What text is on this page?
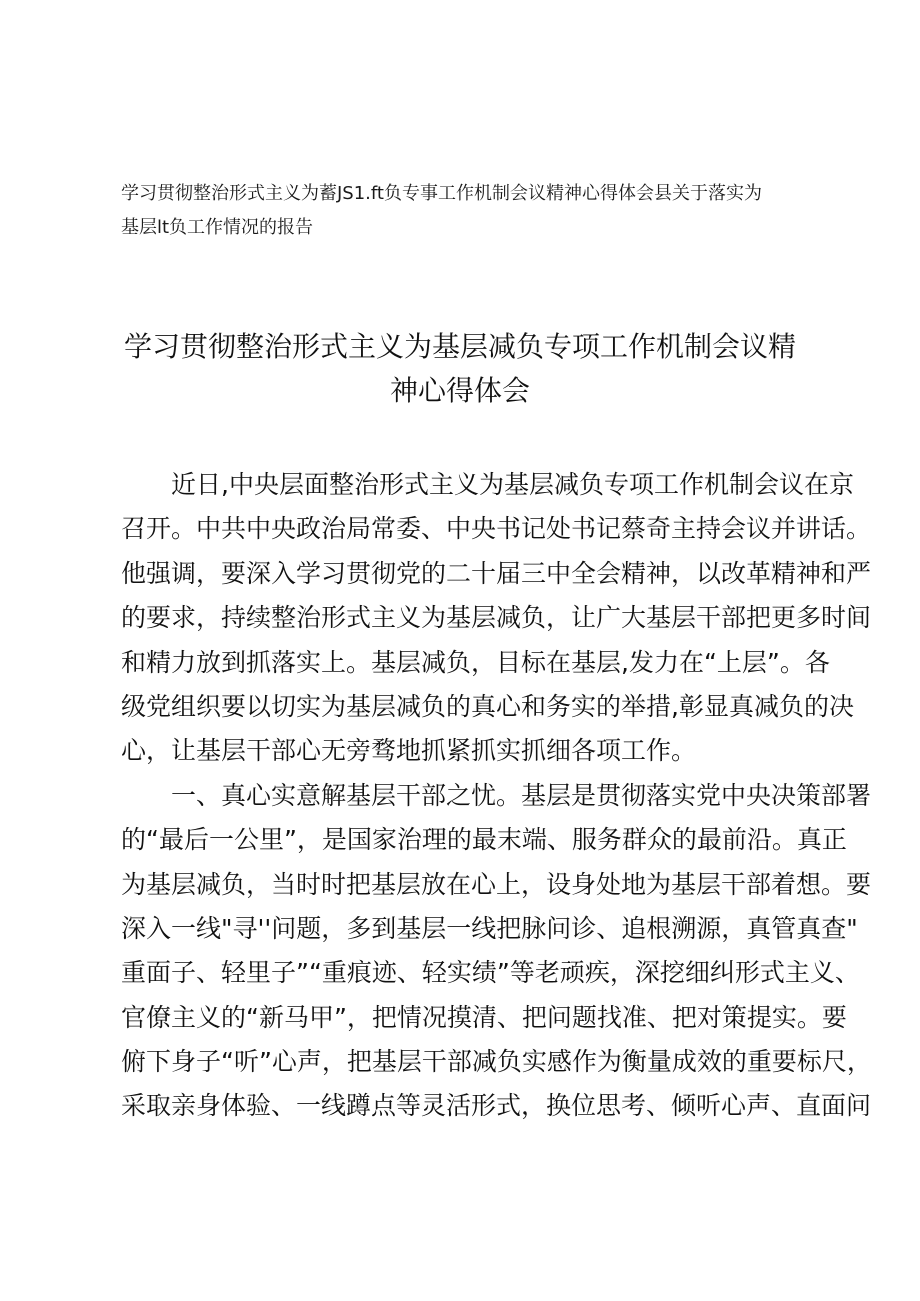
学习贯彻整治形式主义为蓄JS1.ft负专事工作机制会议精神心得体会县关于落实为
基层lt负工作情况的报告
学习贯彻整治形式主义为基层减负专项工作机制会议精
神心得体会
近日,中央层面整治形式主义为基层减负专项工作机制会议在京
召开。中共中央政治局常委、中央书记处书记蔡奇主持会议并讲话。
他强调，要深入学习贯彻党的二十届三中全会精神，以改革精神和严
的要求，持续整治形式主义为基层减负，让广大基层干部把更多时间
和精力放到抓落实上。基层减负，目标在基层,发力在“上层”。各
级党组织要以切实为基层减负的真心和务实的举措,彰显真减负的决
心，让基层干部心无旁骛地抓紧抓实抓细各项工作。
一、真心实意解基层干部之忧。基层是贯彻落实党中央决策部署
的“最后一公里”，是国家治理的最末端、服务群众的最前沿。真正
为基层减负，当时时把基层放在心上，设身处地为基层干部着想。要
深入一线"寻''问题，多到基层一线把脉问诊、追根溯源，真管真查"
重面子、轻里子”“重痕迹、轻实绩”等老顽疾，深挖细纠形式主义、
官僚主义的“新马甲”，把情况摸清、把问题找准、把对策提实。要
俯下身子“听”心声，把基层干部减负实感作为衡量成效的重要标尺，
采取亲身体验、一线蹲点等灵活形式，换位思考、倾听心声、直面问
